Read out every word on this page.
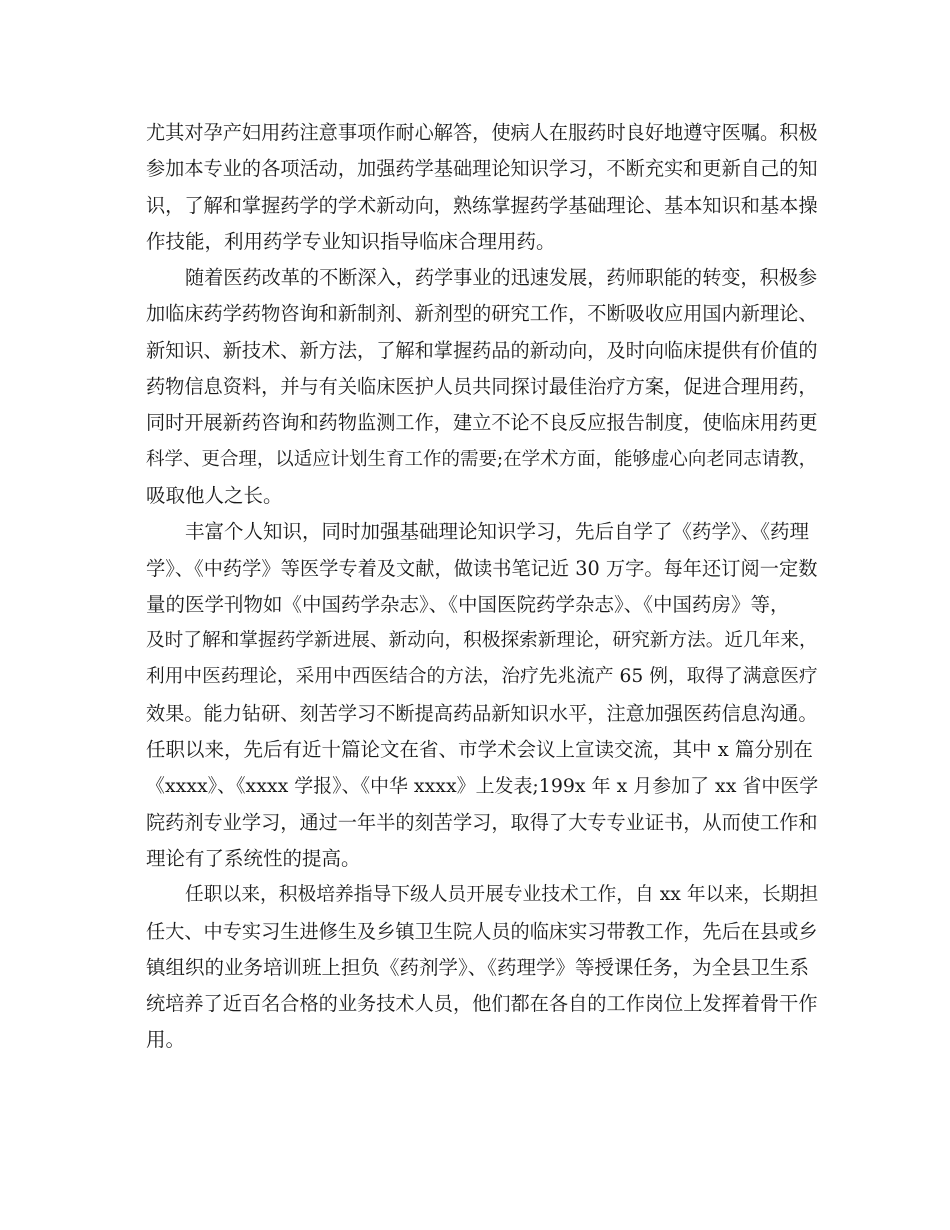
尤其对孕产妇用药注意事项作耐心解答，使病人在服药时良好地遵守医嘱。积极
参加本专业的各项活动，加强药学基础理论知识学习，不断充实和更新自己的知
识，了解和掌握药学的学术新动向，熟练掌握药学基础理论、基本知识和基本操
作技能，利用药学专业知识指导临床合理用药。
随着医药改革的不断深入，药学事业的迅速发展，药师职能的转变，积极参
加临床药学药物咨询和新制剂、新剂型的研究工作，不断吸收应用国内新理论、
新知识、新技术、新方法，了解和掌握药品的新动向，及时向临床提供有价值的
药物信息资料，并与有关临床医护人员共同探讨最佳治疗方案，促进合理用药，
同时开展新药咨询和药物监测工作，建立不论不良反应报告制度，使临床用药更
科学、更合理，以适应计划生育工作的需要;在学术方面，能够虚心向老同志请教，
吸取他人之长。
丰富个人知识，同时加强基础理论知识学习，先后自学了《药学》、《药理
学》、《中药学》等医学专着及文献，做读书笔记近 30 万字。每年还订阅一定数
量的医学刊物如《中国药学杂志》、《中国医院药学杂志》、《中国药房》等，
及时了解和掌握药学新进展、新动向，积极探索新理论，研究新方法。近几年来，
利用中医药理论，采用中西医结合的方法，治疗先兆流产 65 例，取得了满意医疗
效果。能力钻研、刻苦学习不断提高药品新知识水平，注意加强医药信息沟通。
任职以来，先后有近十篇论文在省、市学术会议上宣读交流，其中 x 篇分别在
《xxxx》、《xxxx 学报》、《中华 xxxx》上发表;199x 年 x 月参加了 xx 省中医学
院药剂专业学习，通过一年半的刻苦学习，取得了大专专业证书，从而使工作和
理论有了系统性的提高。
任职以来，积极培养指导下级人员开展专业技术工作，自 xx 年以来，长期担
任大、中专实习生进修生及乡镇卫生院人员的临床实习带教工作，先后在县或乡
镇组织的业务培训班上担负《药剂学》、《药理学》等授课任务，为全县卫生系
统培养了近百名合格的业务技术人员，他们都在各自的工作岗位上发挥着骨干作
用。
